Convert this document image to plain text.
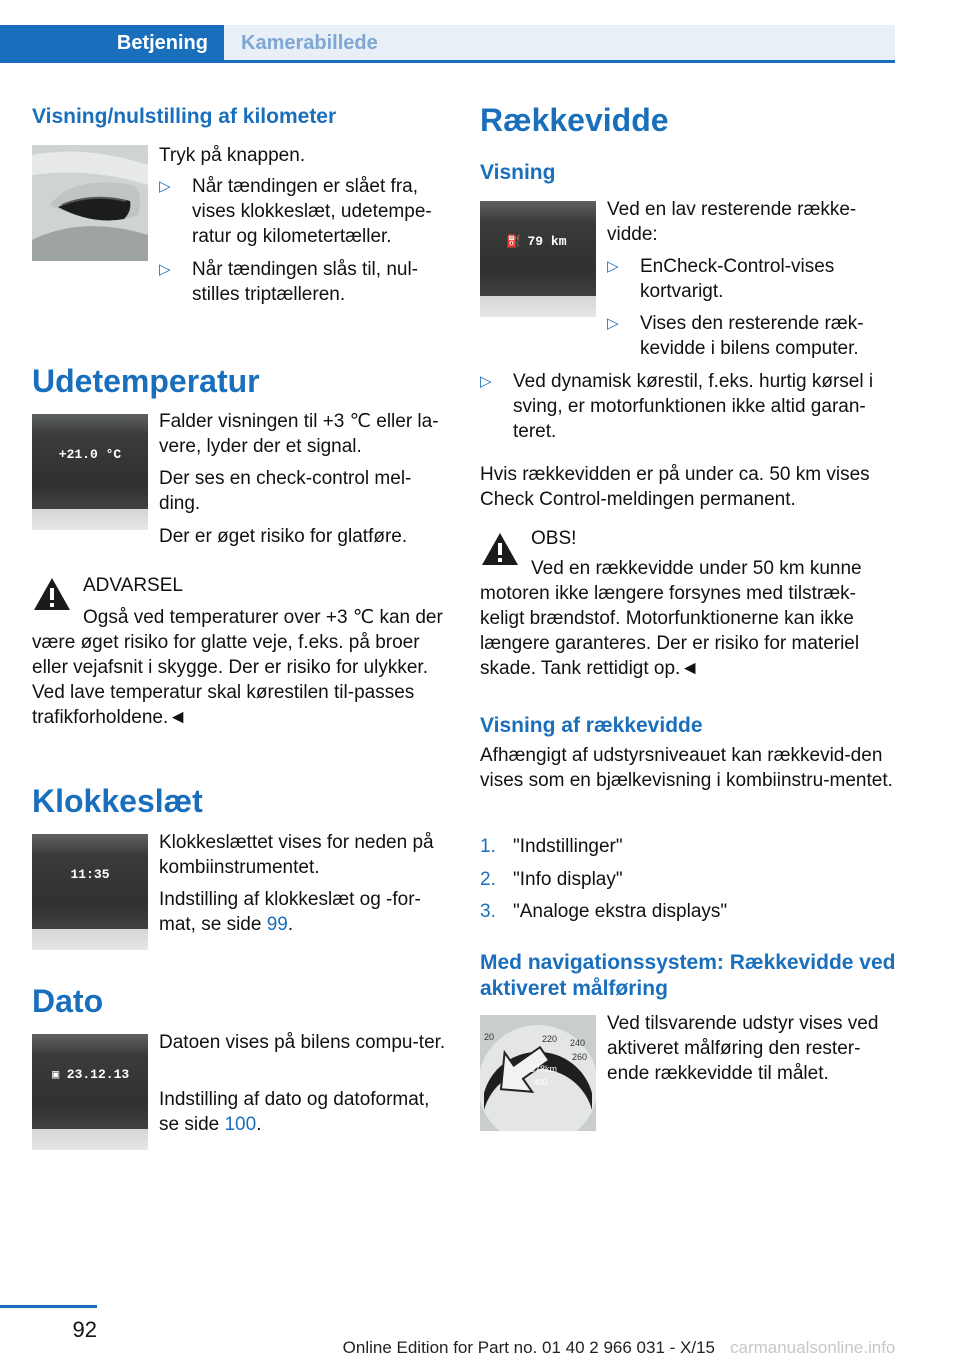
Betjening	Kamerabillede
Visning/nulstilling af kilometer
Tryk på knappen.
▷ Når tændingen er slået fra, vises klokkeslæt, udetempe-ratur og kilometertæller.
▷ Når tændingen slås til, nul-stilles triptælleren.
Udetemperatur
+21.0 °C
Falder visningen til +3 ℃ eller la-vere, lyder der et signal.
Der ses en check-control mel-ding.
Der er øget risiko for glatføre.
ADVARSEL
Også ved temperaturer over +3 ℃ kan der være øget risiko for glatte veje, f.eks. på broer eller vejafsnit i skygge. Der er risiko for ulykker. Ved lave temperatur skal kørestilen til-passes trafikforholdene.◄
Klokkeslæt
11:35
Klokkeslættet vises for neden på kombiinstrumentet.
Indstilling af klokkeslæt og -for-mat, se side 99.
Dato
▣ 23.12.13
Datoen vises på bilens compu-ter.
Indstilling af dato og datoformat, se side 100.
Rækkevidde
Visning
⛽ 79 km
Ved en lav resterende række-vidde:
▷ EnCheck-Control-vises kortvarigt.
▷ Vises den resterende ræk-kevidde i bilens computer.
▷ Ved dynamisk kørestil, f.eks. hurtig kørsel i sving, er motorfunktionen ikke altid garan-teret.
Hvis rækkevidden er på under ca. 50 km vises Check Control-meldingen permanent.
OBS!
Ved en rækkevidde under 50 km kunne motoren ikke længere forsynes med tilstræk-keligt brændstof. Motorfunktionerne kan ikke længere garanteres. Der er risiko for materiel skade. Tank rettidigt op.◄
Visning af rækkevidde
Afhængigt af udstyrsniveauet kan rækkevid-den vises som en bjælkevisning i kombiinstru-mentet.
1. "Indstillinger"
2. "Info display"
3. "Analoge ekstra displays"
Med navigationssystem: Rækkevidde ved aktiveret målføring
20	220 240
260
378km
400
Ved tilsvarende udstyr vises ved aktiveret målføring den rester-ende rækkevidde til målet.
92
Online Edition for Part no. 01 40 2 966 031 - X/15 carmanualsonline.info
